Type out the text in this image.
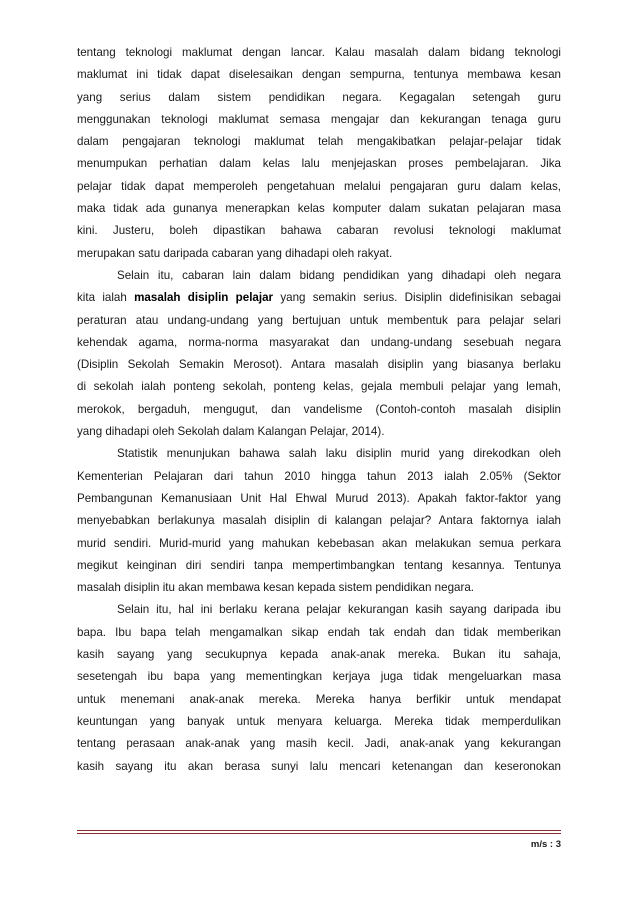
tentang teknologi maklumat dengan lancar. Kalau masalah dalam bidang teknologi
maklumat ini tidak dapat diselesaikan dengan sempurna, tentunya membawa kesan
yang serius dalam sistem pendidikan negara. Kegagalan setengah guru
menggunakan teknologi maklumat semasa mengajar dan kekurangan tenaga guru
dalam pengajaran teknologi maklumat telah mengakibatkan pelajar-pelajar tidak
menumpukan perhatian dalam kelas lalu menjejaskan proses pembelajaran. Jika
pelajar tidak dapat memperoleh pengetahuan melalui pengajaran guru dalam kelas,
maka tidak ada gunanya menerapkan kelas komputer dalam sukatan pelajaran masa
kini. Justeru, boleh dipastikan bahawa cabaran revolusi teknologi maklumat
merupakan satu daripada cabaran yang dihadapi oleh rakyat.
Selain itu, cabaran lain dalam bidang pendidikan yang dihadapi oleh negara
kita ialah masalah disiplin pelajar yang semakin serius. Disiplin didefinisikan sebagai
peraturan atau undang-undang yang bertujuan untuk membentuk para pelajar selari
kehendak agama, norma-norma masyarakat dan undang-undang sesebuah negara
(Disiplin Sekolah Semakin Merosot). Antara masalah disiplin yang biasanya berlaku
di sekolah ialah ponteng sekolah, ponteng kelas, gejala membuli pelajar yang lemah,
merokok, bergaduh, mengugut, dan vandelisme (Contoh-contoh masalah disiplin
yang dihadapi oleh Sekolah dalam Kalangan Pelajar, 2014).
Statistik menunjukan bahawa salah laku disiplin murid yang direkodkan oleh
Kementerian Pelajaran dari tahun 2010 hingga tahun 2013 ialah 2.05% (Sektor
Pembangunan Kemanusiaan Unit Hal Ehwal Murud 2013). Apakah faktor-faktor yang
menyebabkan berlakunya masalah disiplin di kalangan pelajar? Antara faktornya ialah
murid sendiri. Murid-murid yang mahukan kebebasan akan melakukan semua perkara
megikut keinginan diri sendiri tanpa mempertimbangkan tentang kesannya. Tentunya
masalah disiplin itu akan membawa kesan kepada sistem pendidikan negara.
Selain itu, hal ini berlaku kerana pelajar kekurangan kasih sayang daripada ibu
bapa. Ibu bapa telah mengamalkan sikap endah tak endah dan tidak memberikan
kasih sayang yang secukupnya kepada anak-anak mereka. Bukan itu sahaja,
sesetengah ibu bapa yang mementingkan kerjaya juga tidak mengeluarkan masa
untuk menemani anak-anak mereka. Mereka hanya berfikir untuk mendapat
keuntungan yang banyak untuk menyara keluarga. Mereka tidak memperdulikan
tentang perasaan anak-anak yang masih kecil. Jadi, anak-anak yang kekurangan
kasih sayang itu akan berasa sunyi lalu mencari ketenangan dan keseronokan
m/s : 3
